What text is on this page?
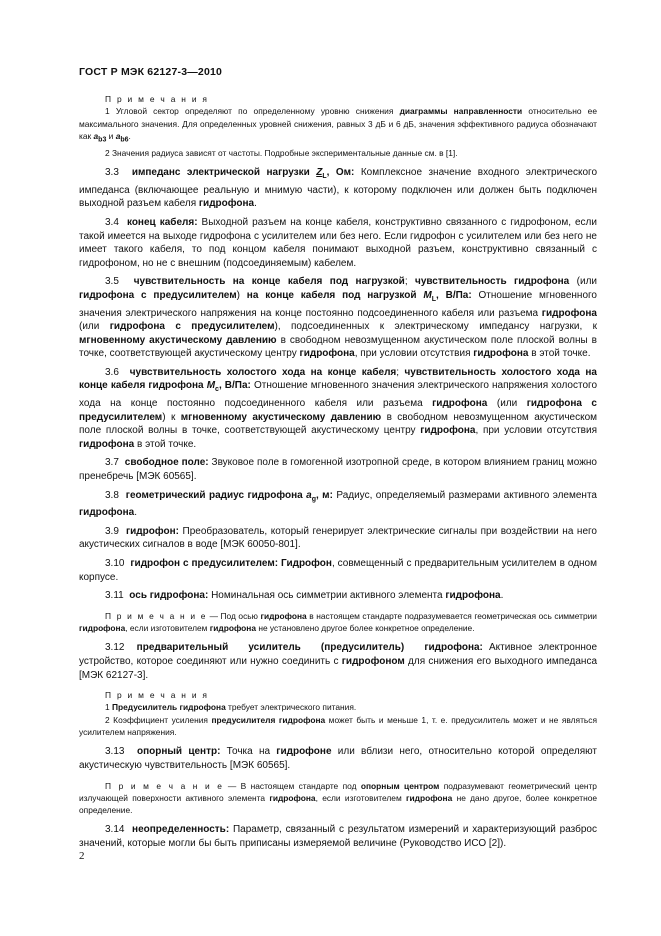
ГОСТ Р МЭК 62127-3—2010

П р и м е ч а н и я

1 Угловой сектор определяют по определенному уровню снижения диаграммы направленности относительно ее максимального значения. Для определенных уровней снижения, равных 3 дБ и 6 дБ, значения эффективного радиуса обозначают как $a_{b3}$ и $a_{b6}$.

2 Значения радиуса зависят от частоты. Подробные экспериментальные данные см. в [1].

3.3 импеданс электрической нагрузки $Z_L$, Ом: Комплексное значение входного электрического импеданса (включающее реальную и мнимую части), к которому подключен или должен быть подключен выходной разъем кабеля гидрофона.

3.4 конец кабеля: Выходной разъем на конце кабеля, конструктивно связанного с гидрофоном, если такой имеется на выходе гидрофона с усилителем или без него. Если гидрофон с усилителем или без него не имеет такого кабеля, то под концом кабеля понимают выходной разъем, конструктивно связанный с гидрофоном, но не с внешним (подсоединяемым) кабелем.

3.5 чувствительность на конце кабеля под нагрузкой; чувствительность гидрофона (или гидрофона с предусилителем) на конце кабеля под нагрузкой $M_L$, В/Па: Отношение мгновенного значения электрического напряжения на конце постоянно подсоединенного кабеля или разъема гидрофона (или гидрофона с предусилителем), подсоединенных к электрическому импедансу нагрузки, к мгновенному акустическому давлению в свободном невозмущенном акустическом поле плоской волны в точке, соответствующей акустическому центру гидрофона, при условии отсутствия гидрофона в этой точке.

3.6 чувствительность холостого хода на конце кабеля; чувствительность холостого хода на конце кабеля гидрофона $M_c$, В/Па: Отношение мгновенного значения электрического напряжения холостого хода на конце постоянно подсоединенного кабеля или разъема гидрофона (или гидрофона с предусилителем) к мгновенному акустическому давлению в свободном невозмущенном акустическом поле плоской волны в точке, соответствующей акустическому центру гидрофона, при условии отсутствия гидрофона в этой точке.

3.7 свободное поле: Звуковое поле в гомогенной изотропной среде, в котором влиянием границ можно пренебречь [МЭК 60565].

3.8 геометрический радиус гидрофона $a_g$, м: Радиус, определяемый размерами активного элемента гидрофона.

3.9 гидрофон: Преобразователь, который генерирует электрические сигналы при воздействии на него акустических сигналов в воде [МЭК 60050-801].

3.10 гидрофон с предусилителем: Гидрофон, совмещенный с предварительным усилителем в одном корпусе.

3.11 ось гидрофона: Номинальная ось симметрии активного элемента гидрофона.

П р и м е ч а н и е — Под осью гидрофона в настоящем стандарте подразумевается геометрическая ось симметрии гидрофона, если изготовителем гидрофона не установлено другое более конкретное определение.

3.12 предварительный усилитель (предусилитель) гидрофона: Активное электронное устройство, которое соединяют или нужно соединить с гидрофоном для снижения его выходного импеданса [МЭК 62127-3].

П р и м е ч а н и я

1 Предусилитель гидрофона требует электрического питания.

2 Коэффициент усиления предусилителя гидрофона может быть и меньше 1, т. е. предусилитель может и не являться усилителем напряжения.

3.13 опорный центр: Точка на гидрофоне или вблизи него, относительно которой определяют акустическую чувствительность [МЭК 60565].

П р и м е ч а н и е — В настоящем стандарте под опорным центром подразумевают геометрический центр излучающей поверхности активного элемента гидрофона, если изготовителем гидрофона не дано другое, более конкретное определение.

3.14 неопределенность: Параметр, связанный с результатом измерений и характеризующий разброс значений, которые могли бы быть приписаны измеряемой величине (Руководство ИСО [2]).

2
